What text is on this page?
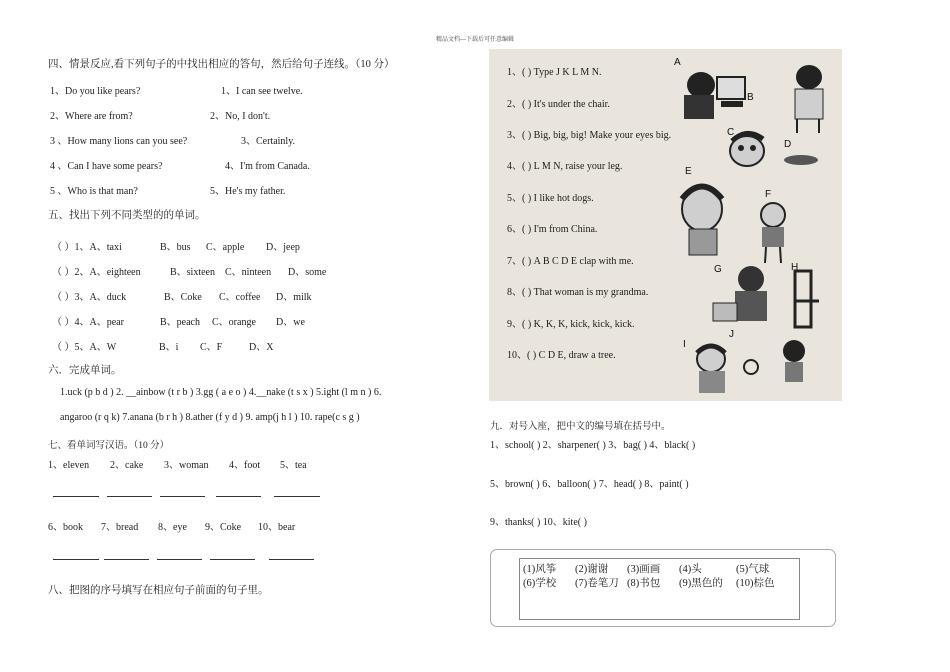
精品文档---下载后可任意编辑
四、情景反应,看下列句子的中找出相应的答句，然后给句子连线。（10 分）
1、Do you like pears?	1、I can see twelve.
2、Where are from?	2、No, I don't.
3 、How many lions can you see?	3、Certainly.
4 、Can I have some pears?	4、I'm from Canada.
5 、Who is that man?	5、He's my father.
五、找出下列不同类型的的单词。
（ ）1、A、taxi	B、bus C、apple D、jeep
（ ）2、A、eighteen	B、sixteen C、ninteen D、some
（ ）3、A、duck	B、Coke C、coffee D、milk
（ ）4、A、pear	B、peach C、orange D、we
（ ）5、A、W	B、i C、F	D、X
六．完成单词。
1.uck (p b d ) 2. __ainbow (t r b ) 3.gg ( a e o ) 4.__nake (t s x ) 5.ight (l m n ) 6.
angaroo (r q k) 7.anana (b r h ) 8.ather (f y d ) 9. amp(j h l ) 10. rape(c s g )
七、看单词写汉语。（10 分）
1、eleven 2、cake 3、woman 4、foot 5、tea
6、book 7、bread 8、eye 9、Coke 10、bear
八、把图的序号填写在相应句子前面的句子里。
1、( ) Type J K L M N.
2、( ) It's under the chair.
3、( ) Big, big, big! Make your eyes big.
4、( ) L M N, raise your leg.
5、( ) I like hot dogs.
6、( ) I'm from China.
7、( ) A B C D E clap with me.
8、( ) That woman is my grandma.
9、( ) K, K, K, kick, kick, kick.
10、( ) C D E, draw a tree.
A
B
C
D
E
F
G	H
I
J
九．对号入座，把中文的编号填在括号中。
1、school( ) 2、sharpener( ) 3、bag( ) 4、black( )
5、brown( ) 6、balloon( ) 7、head( ) 8、paint( )
9、thanks( ) 10、kite( )
(1)风筝 (2)谢谢 (3)画画 (4)头	(5)气球
(6)学校 (7)卷笔刀 (8)书包 (9)黑色的 (10)棕色
